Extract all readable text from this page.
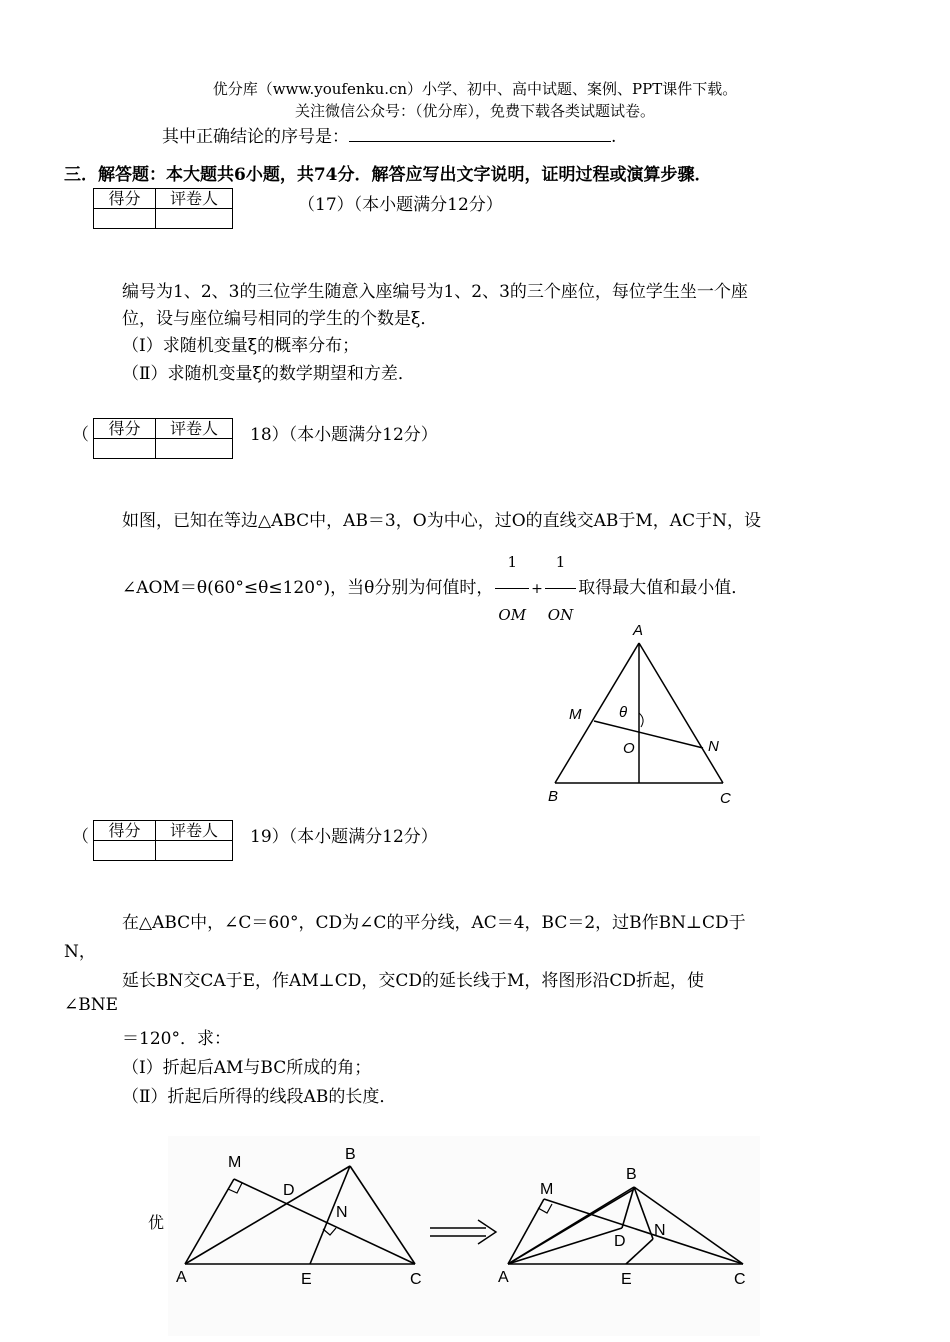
优分库（www.youfenku.cn）小学、初中、高中试题、案例、PPT课件下载。
关注微信公众号：（优分库），免费下载各类试题试卷。
其中正确结论的序号是：	.
三．解答题：本大题共6小题，共74分．解答应写出文字说明，证明过程或演算步骤．
得分	评卷人
		（17）（本小题满分12分）
编号为1、2、3的三位学生随意入座编号为1、2、3的三个座位，每位学生坐一个座
位，设与座位编号相同的学生的个数是ξ．
（Ⅰ）求随机变量ξ的概率分布；
（Ⅱ）求随机变量ξ的数学期望和方差．
（ 得分	评卷人
	18）（本小题满分12分）
如图，已知在等边△ABC中，AB＝3，O为中心，过O的直线交AB于M，AC于N，设
∠AOM＝θ(60°≤θ≤120°)，当θ分别为何值时， $\frac{1}{OM} + \frac{1}{ON}$ 取得最大值和最小值．
A
B	C
M
N
O
θ
（ 得分	评卷人
	19）（本小题满分12分）
在△ABC中，∠C＝60°，CD为∠C的平分线，AC＝4，BC＝2，过B作BN⊥CD于
N，
延长BN交CA于E，作AM⊥CD，交CD的延长线于M，将图形沿CD折起，使
∠BNE
＝120°．求：
（Ⅰ）折起后AM与BC所成的角；
（Ⅱ）折起后所得的线段AB的长度．
优
M	B
D
N
A	E	C
M
B
D
N
A	E	C
